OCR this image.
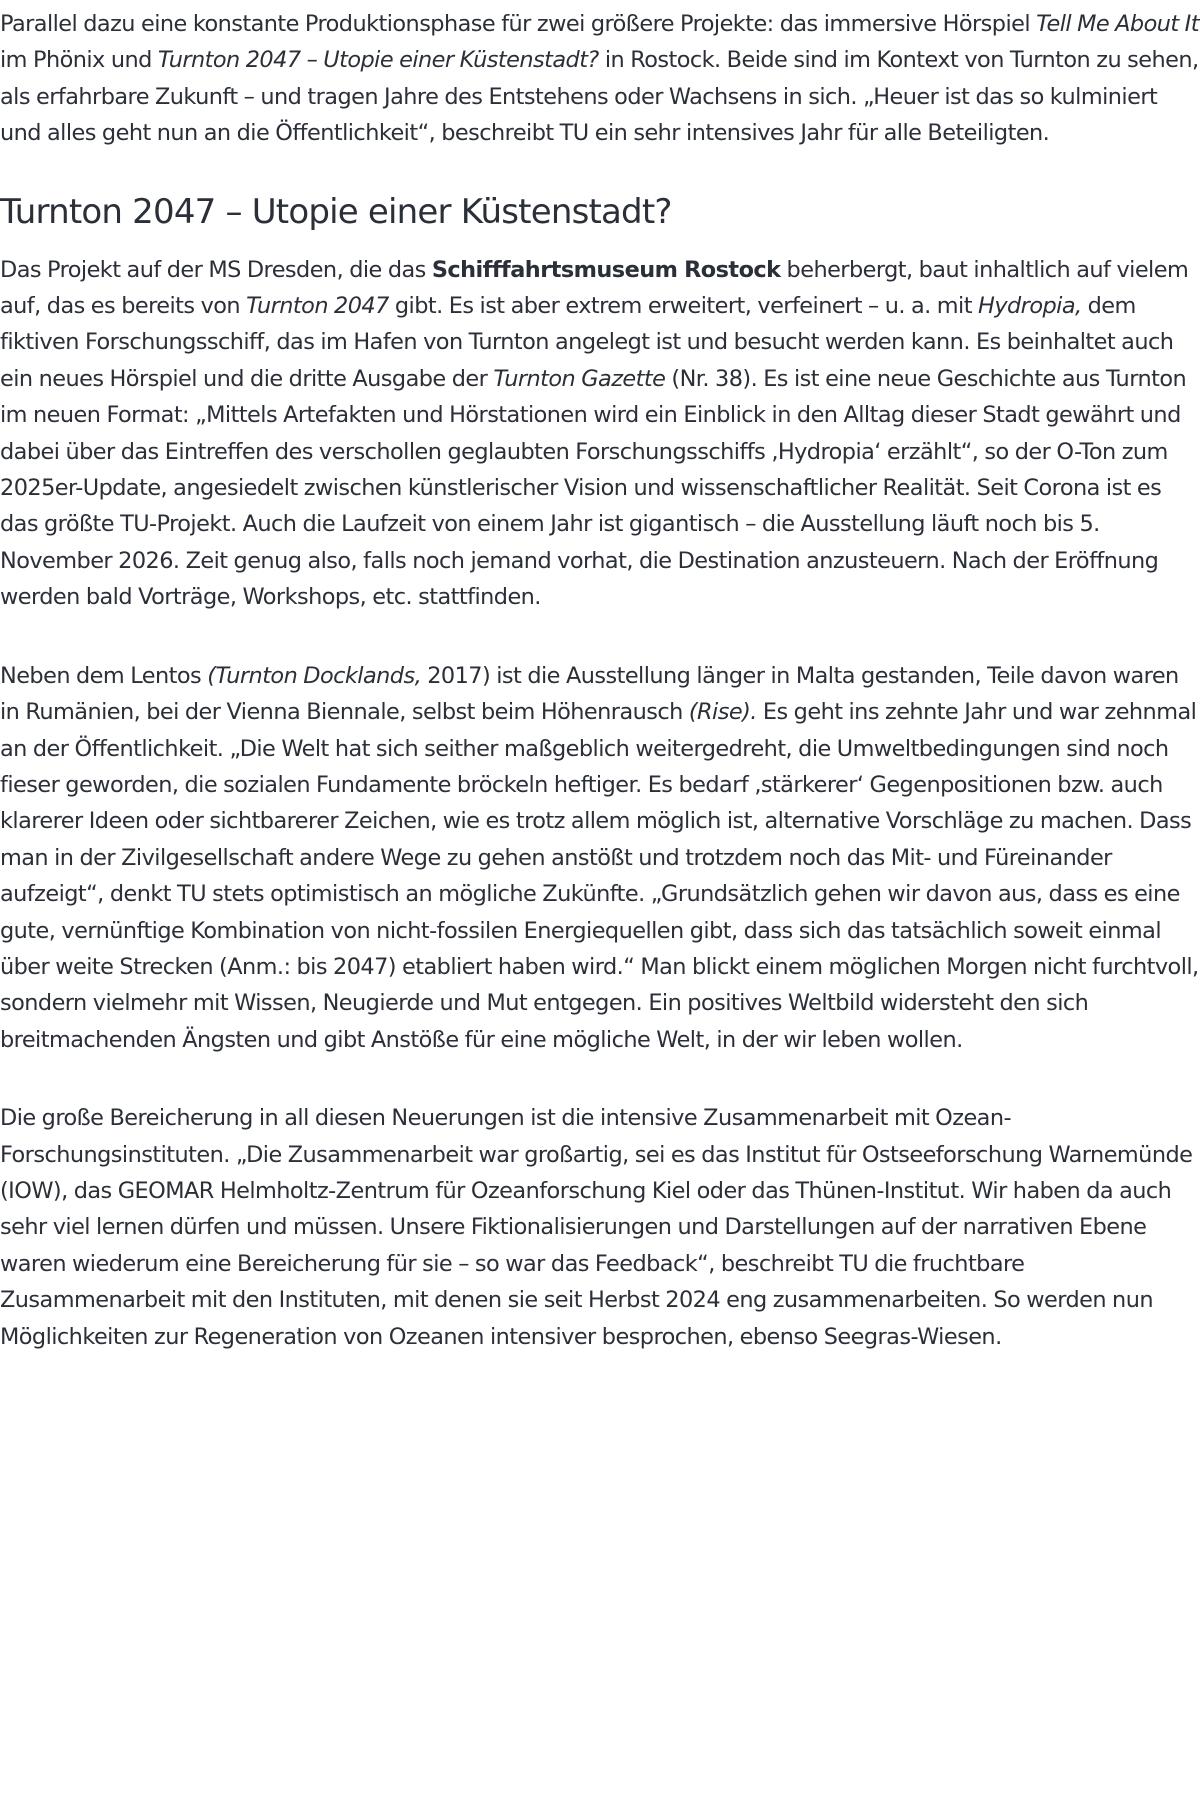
Parallel dazu eine konstante Produktionsphase für zwei größere Projekte: das immersive Hörspiel Tell Me About It im Phönix und Turnton 2047 – Utopie einer Küstenstadt? in Rostock. Beide sind im Kontext von Turnton zu sehen, als erfahrbare Zukunft – und tragen Jahre des Entstehens oder Wachsens in sich. „Heuer ist das so kulminiert und alles geht nun an die Öffentlichkeit“, beschreibt TU ein sehr intensives Jahr für alle Beteiligten.

Turnton 2047 – Utopie einer Küstenstadt?

Das Projekt auf der MS Dresden, die das Schifffahrtsmuseum Rostock beherbergt, baut inhaltlich auf vielem auf, das es bereits von Turnton 2047 gibt. Es ist aber extrem erweitert, verfeinert – u. a. mit Hydropia, dem fiktiven Forschungsschiff, das im Hafen von Turnton angelegt ist und besucht werden kann. Es beinhaltet auch ein neues Hörspiel und die dritte Ausgabe der Turnton Gazette (Nr. 38). Es ist eine neue Geschichte aus Turnton im neuen Format: „Mittels Artefakten und Hörstationen wird ein Einblick in den Alltag dieser Stadt gewährt und dabei über das Eintreffen des verschollen geglaubten Forschungsschiffs ‚Hydropia‘ erzählt“, so der O-Ton zum 2025er-Update, angesiedelt zwischen künstlerischer Vision und wissenschaftlicher Realität. Seit Corona ist es das größte TU-Projekt. Auch die Laufzeit von einem Jahr ist gigantisch – die Ausstellung läuft noch bis 5. November 2026. Zeit genug also, falls noch jemand vorhat, die Destination anzusteuern. Nach der Eröffnung werden bald Vorträge, Workshops, etc. stattfinden.

Neben dem Lentos (Turnton Docklands, 2017) ist die Ausstellung länger in Malta gestanden, Teile davon waren in Rumänien, bei der Vienna Biennale, selbst beim Höhenrausch (Rise). Es geht ins zehnte Jahr und war zehnmal an der Öffentlichkeit. „Die Welt hat sich seither maßgeblich weitergedreht, die Umweltbedingungen sind noch fieser geworden, die sozialen Fundamente bröckeln heftiger. Es bedarf ‚stärkerer‘ Gegenpositionen bzw. auch klarerer Ideen oder sichtbarerer Zeichen, wie es trotz allem möglich ist, alternative Vorschläge zu machen. Dass man in der Zivilgesellschaft andere Wege zu gehen anstößt und trotzdem noch das Mit- und Füreinander aufzeigt“, denkt TU stets optimistisch an mögliche Zukünfte. „Grundsätzlich gehen wir davon aus, dass es eine gute, vernünftige Kombination von nicht-fossilen Energiequellen gibt, dass sich das tatsächlich soweit einmal über weite Strecken (Anm.: bis 2047) etabliert haben wird.“ Man blickt einem möglichen Morgen nicht furchtvoll, sondern vielmehr mit Wissen, Neugierde und Mut entgegen. Ein positives Weltbild widersteht den sich breitmachenden Ängsten und gibt Anstöße für eine mögliche Welt, in der wir leben wollen.

Die große Bereicherung in all diesen Neuerungen ist die intensive Zusammenarbeit mit Ozean-Forschungsinstituten. „Die Zusammenarbeit war großartig, sei es das Institut für Ostseeforschung Warnemünde (IOW), das GEOMAR Helmholtz-Zentrum für Ozeanforschung Kiel oder das Thünen-Institut. Wir haben da auch sehr viel lernen dürfen und müssen. Unsere Fiktionalisierungen und Darstellungen auf der narrativen Ebene waren wiederum eine Bereicherung für sie – so war das Feedback“, beschreibt TU die fruchtbare Zusammenarbeit mit den Instituten, mit denen sie seit Herbst 2024 eng zusammenarbeiten. So werden nun Möglichkeiten zur Regeneration von Ozeanen intensiver besprochen, ebenso Seegras-Wiesen.
